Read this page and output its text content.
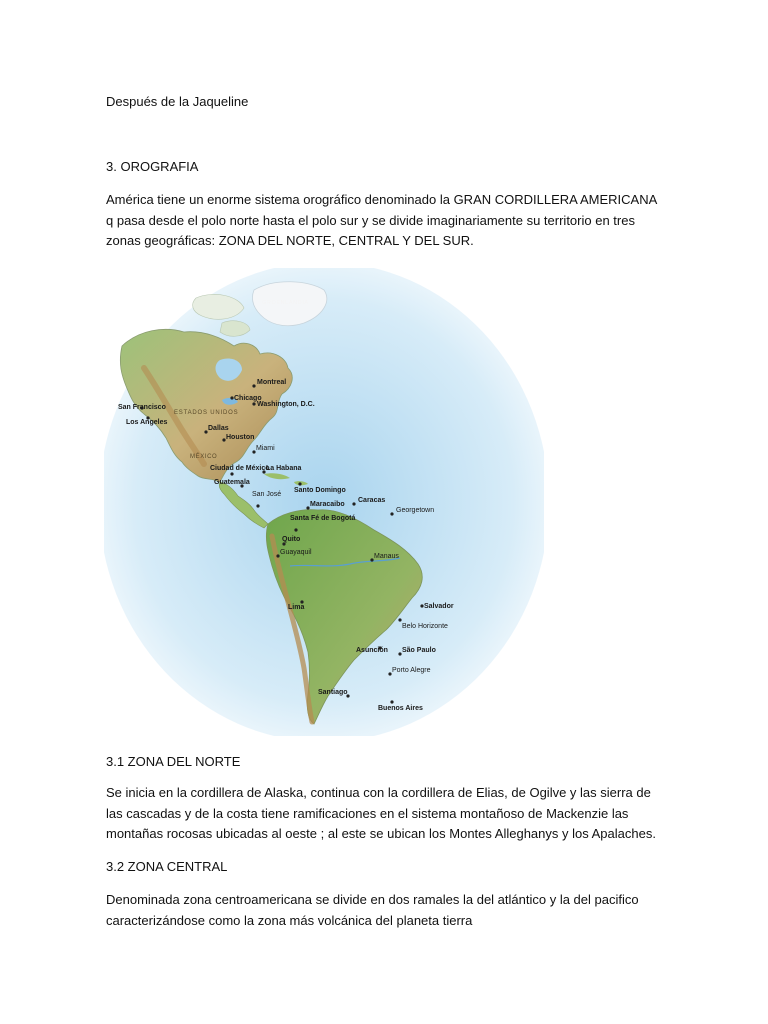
Después de la Jaqueline

3. OROGRAFIA

América tiene un enorme sistema orográfico denominado la GRAN CORDILLERA AMERICANA q pasa desde el polo norte hasta el polo sur y se divide imaginariamente su territorio en tres zonas geográficas: ZONA DEL NORTE, CENTRAL Y DEL SUR.

GROENLANDIA
ESTADOS UNIDOS
MÉXICO
Montreal
Chicago
Washington, D.C.
San Francisco
Los Angeles
Dallas
Houston
Miami
La Habana
Santo Domingo
Ciudad de México
Guatemala
San José
Maracaibo
Caracas
Georgetown
Santa Fé de Bogotá
Quito
Guayaquil
Manaus
Lima	Salvador
Belo Horizonte
Asunción São Paulo
Porto Alegre
Santiago
Buenos Aires

3.1 ZONA DEL NORTE

Se inicia en la cordillera de Alaska, continua con la cordillera de Elias, de Ogilve y las sierra de las cascadas y de la costa tiene ramificaciones en el sistema montañoso de Mackenzie las montañas rocosas ubicadas al oeste ; al este se ubican los Montes Alleghanys y los Apalaches.

3.2 ZONA CENTRAL

Denominada zona centroamericana se divide en dos ramales la del atlántico y la del pacifico caracterizándose como la zona más volcánica del planeta tierra
